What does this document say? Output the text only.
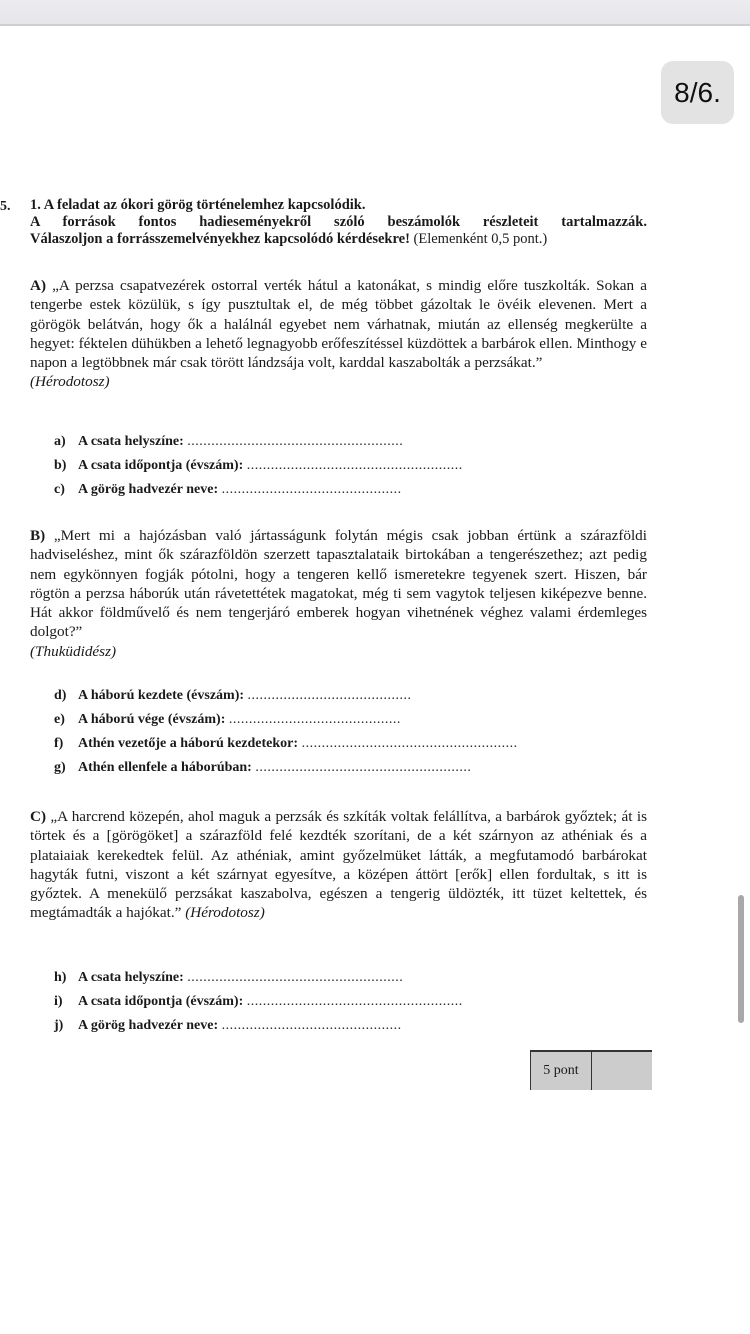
8/6.
5. 1. A feladat az ókori görög történelemhez kapcsolódik.
A források fontos hadieseményekről szóló beszámolók részleteit tartalmazzák.
Válaszoljon a forrásszemelvényekhez kapcsolódó kérdésekre! (Elemenként 0,5 pont.)
A) „A perzsa csapatvezérek ostorral verték hátul a katonákat, s mindig előre tuszkolták. Sokan a tengerbe estek közülük, s így pusztultak el, de még többet gázoltak le övéik elevenen. Mert a görögök belátván, hogy ők a halálnál egyebet nem várhatnak, miután az ellenség megkerülte a hegyet: féktelen dühükben a lehető legnagyobb erőfeszítéssel küzdöttek a barbárok ellen. Minthogy e napon a legtöbbnek már csak törött lándzsája volt, karddal kaszabolták a perzsákat.”
(Hérodotosz)
a) A csata helyszíne: ......................................................
b) A csata időpontja (évszám): ......................................................
c) A görög hadvezér neve: .............................................
B) „Mert mi a hajózásban való jártasságunk folytán mégis csak jobban értünk a szárazföldi hadviseléshez, mint ők szárazföldön szerzett tapasztalataik birtokában a tengerészethez; azt pedig nem egykönnyen fogják pótolni, hogy a tengeren kellő ismeretekre tegyenek szert. Hiszen, bár rögtön a perzsa háborúk után rávetettétek magatokat, még ti sem vagytok teljesen kiképezve benne. Hát akkor földművelő és nem tengerjáró emberek hogyan vihetnének véghez valami érdemleges dolgot?”
(Thuküdidész)
d) A háború kezdete (évszám): .........................................
e) A háború vége (évszám): ...........................................
f) Athén vezetője a háború kezdetekor: ......................................................
g) Athén ellenfele a háborúban: ......................................................
C) „A harcrend közepén, ahol maguk a perzsák és szkíták voltak felállítva, a barbárok győztek; át is törtek és a [görögöket] a szárazföld felé kezdték szorítani, de a két szárnyon az athéniak és a plataiaiak kerekedtek felül. Az athéniak, amint győzelmüket látták, a megfutamodó barbárokat hagyták futni, viszont a két szárnyat egyesítve, a középen áttört [erők] ellen fordultak, s itt is győztek. A menekülő perzsákat kaszabolva, egészen a tengerig üldözték, itt tüzet keltettek, és megtámadták a hajókat.” (Hérodotosz)
h) A csata helyszíne: ......................................................
i) A csata időpontja (évszám): ......................................................
j) A görög hadvezér neve: .............................................
5 pont
